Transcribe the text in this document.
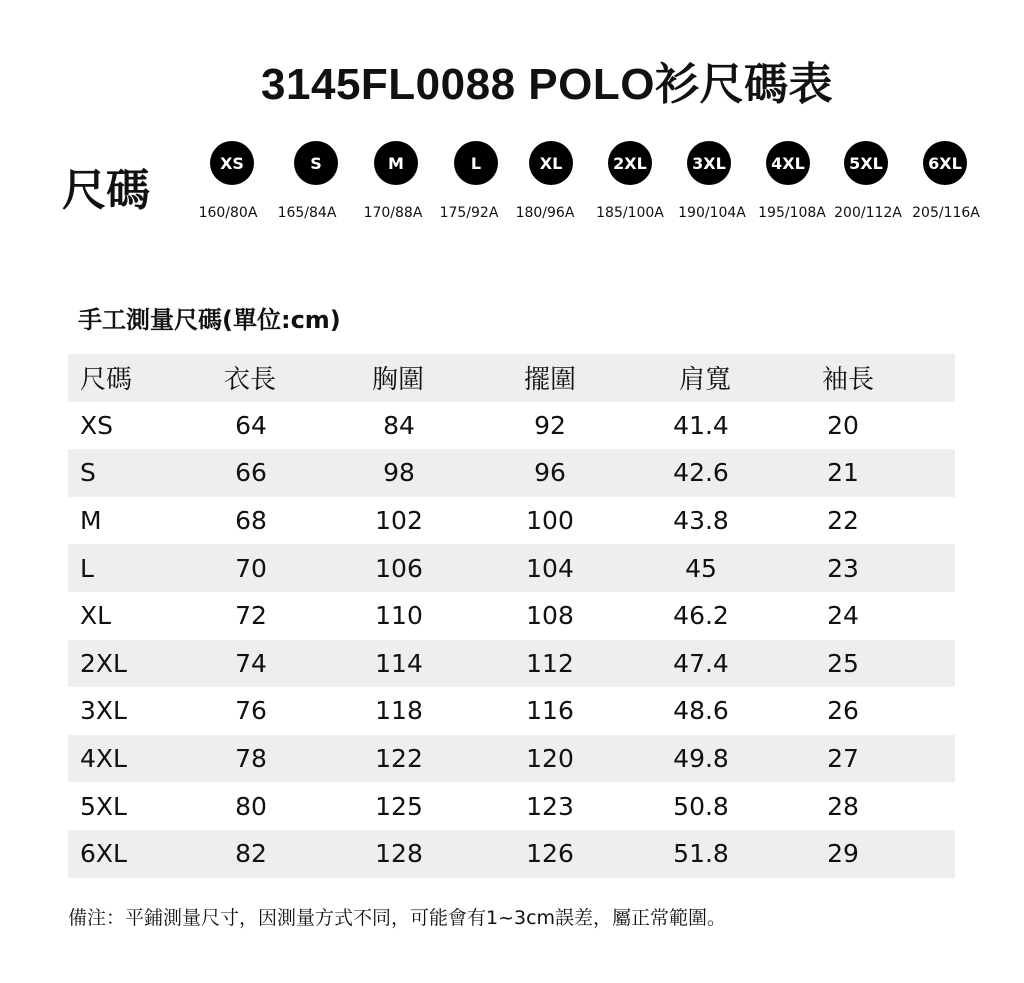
3145FL0088 POLO衫尺碼表
尺碼
XS
160/80A
S
165/84A
M
170/88A
L
175/92A
XL
180/96A
2XL
185/100A
3XL
190/104A
4XL
195/108A
5XL
200/112A
6XL
205/116A
手工測量尺碼(單位:cm)
尺碼	衣長	胸圍	擺圍	肩寬	袖長
XS	64	84	92	41.4	20
S	66	98	96	42.6	21
M	68	102	100	43.8	22
L	70	106	104	45	23
XL	72	110	108	46.2	24
2XL	74	114	112	47.4	25
3XL	76	118	116	48.6	26
4XL	78	122	120	49.8	27
5XL	80	125	123	50.8	28
6XL	82	128	126	51.8	29
備注：平鋪測量尺寸，因測量方式不同，可能會有1~3cm誤差，屬正常範圍。
